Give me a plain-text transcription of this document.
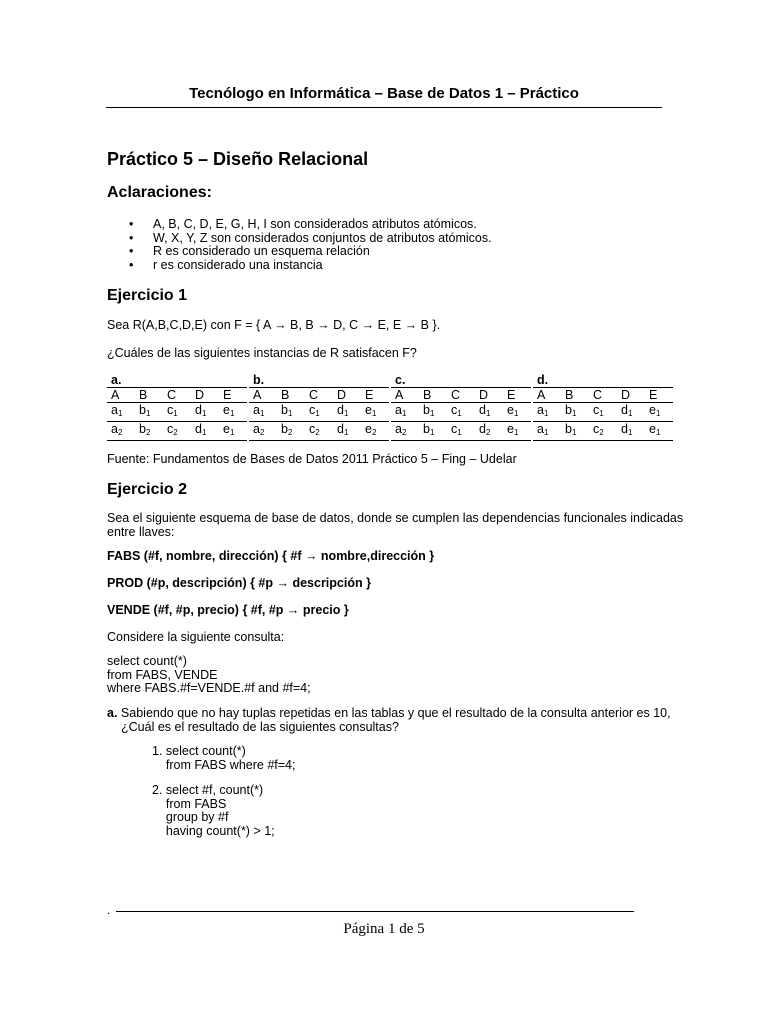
Tecnólogo en Informática – Base de Datos 1 – Práctico
Práctico 5 – Diseño Relacional
Aclaraciones:
• A, B, C, D, E, G, H, I son considerados atributos atómicos.
• W, X, Y, Z son considerados conjuntos de atributos atómicos.
• R es considerado un esquema relación
• r es considerado una instancia
Ejercicio 1

Sea R(A,B,C,D,E) con F = { A → B, B → D, C → E, E → B }.

¿Cuáles de las siguientes instancias de R satisfacen F?

a.
A	B	C	D	E
$a_1$	$b_1$	$c_1$	$d_1$	$e_1$
$a_2$	$b_2$	$c_2$	$d_1$	$e_1$
b.
A	B	C	D	E
$a_1$	$b_1$	$c_1$	$d_1$	$e_1$
$a_2$	$b_2$	$c_2$	$d_1$	$e_2$
c.
A	B	C	D	E
$a_1$	$b_1$	$c_1$	$d_1$	$e_1$
$a_2$	$b_1$	$c_1$	$d_2$	$e_1$
d.
A	B	C	D	E
$a_1$	$b_1$	$c_1$	$d_1$	$e_1$
$a_1$	$b_1$	$c_2$	$d_1$	$e_1$

Fuente: Fundamentos de Bases de Datos 2011 Práctico 5 – Fing – Udelar

Ejercicio 2

Sea el siguiente esquema de base de datos, donde se cumplen las dependencias funcionales indicadas

entre llaves:

FABS (#f, nombre, dirección) { #f → nombre,dirección }

PROD (#p, descripción) { #p → descripción }

VENDE (#f, #p, precio) { #f, #p → precio }

Considere la siguiente consulta:

select count(*)
from FABS, VENDE
where FABS.#f=VENDE.#f and #f=4;

a. Sabiendo que no hay tuplas repetidas en las tablas y que el resultado de la consulta anterior es 10,

¿Cuál es el resultado de las siguientes consultas?

1. select count(*)
from FABS where #f=4;
2. select #f, count(*)
from FABS
group by #f
having count(*) > 1;
.
Página 1 de 5
